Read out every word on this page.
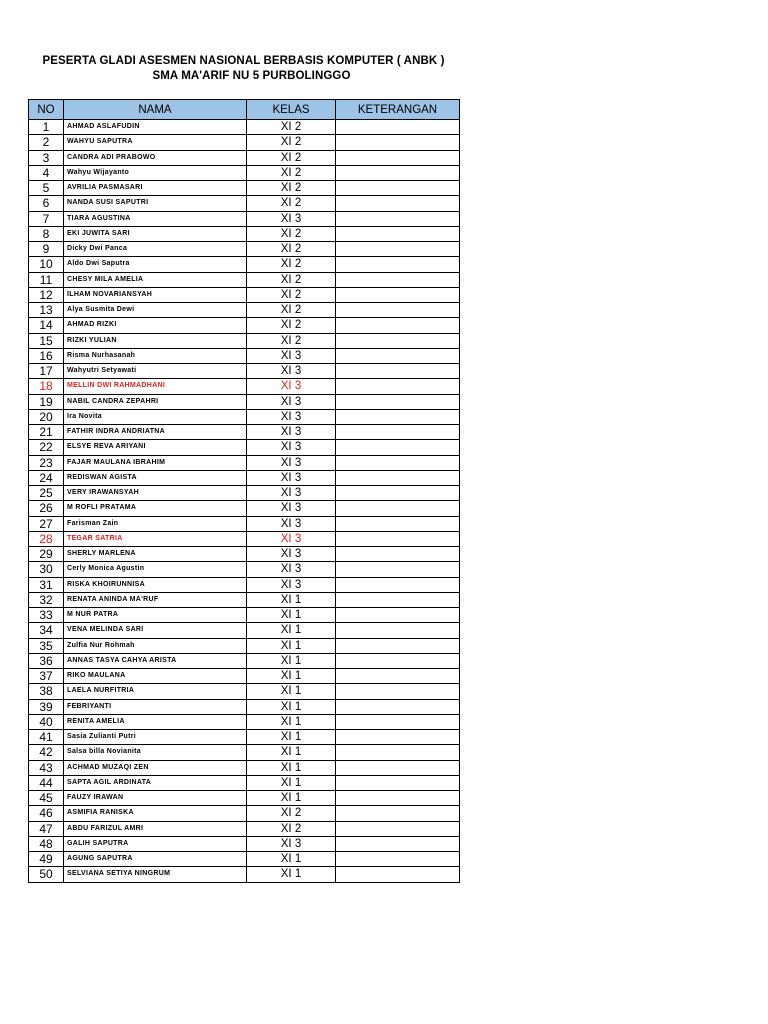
PESERTA GLADI ASESMEN NASIONAL BERBASIS KOMPUTER ( ANBK )
SMA MA'ARIF NU 5 PURBOLINGGO
NO	NAMA	KELAS	KETERANGAN
1	AHMAD ASLAFUDIN	XI 2	
2	WAHYU SAPUTRA	XI 2	
3	CANDRA ADI PRABOWO	XI 2	
4	Wahyu Wijayanto	XI 2	
5	AVRILIA PASMASARI	XI 2	
6	NANDA SUSI SAPUTRI	XI 2	
7	TIARA AGUSTINA	XI 3	
8	EKI JUWITA SARI	XI 2	
9	Dicky Dwi Panca	XI 2	
10	Aldo Dwi Saputra	XI 2	
11	CHESY MILA AMELIA	XI 2	
12	ILHAM NOVARIANSYAH	XI 2	
13	Alya Susmita Dewi	XI 2	
14	AHMAD RIZKI	XI 2	
15	RIZKI YULIAN	XI 2	
16	Risma Nurhasanah	XI 3	
17	Wahyutri Setyawati	XI 3	
18	MELLIN DWI RAHMADHANI	XI 3	
19	NABIL CANDRA ZEPAHRI	XI 3	
20	Ira Novita	XI 3	
21	FATHIR INDRA ANDRIATNA	XI 3	
22	ELSYE REVA ARIYANI	XI 3	
23	FAJAR MAULANA IBRAHIM	XI 3	
24	REDISWAN AGISTA	XI 3	
25	VERY IRAWANSYAH	XI 3	
26	M ROFLI PRATAMA	XI 3	
27	Farisman Zain	XI 3	
28	TEGAR SATRIA	XI 3	
29	SHERLY MARLENA	XI 3	
30	Cerly Monica Agustin	XI 3	
31	RISKA KHOIRUNNISA	XI 3	
32	RENATA ANINDA MA'RUF	XI 1	
33	M NUR PATRA	XI 1	
34	VENA MELINDA SARI	XI 1	
35	Zulfia Nur Rohmah	XI 1	
36	ANNAS TASYA CAHYA ARISTA	XI 1	
37	RIKO MAULANA	XI 1	
38	LAELA NURFITRIA	XI 1	
39	FEBRIYANTI	XI 1	
40	RENITA AMELIA	XI 1	
41	Sasia Zulianti Putri	XI 1	
42	Salsa billa Novianita	XI 1	
43	ACHMAD MUZAQI ZEN	XI 1	
44	SAPTA AGIL ARDINATA	XI 1	
45	FAUZY IRAWAN	XI 1	
46	ASMIFIA RANISKA	XI 2	
47	ABDU FARIZUL AMRI	XI 2	
48	GALIH SAPUTRA	XI 3	
49	AGUNG SAPUTRA	XI 1	
50	SELVIANA SETIYA NINGRUM	XI 1	
